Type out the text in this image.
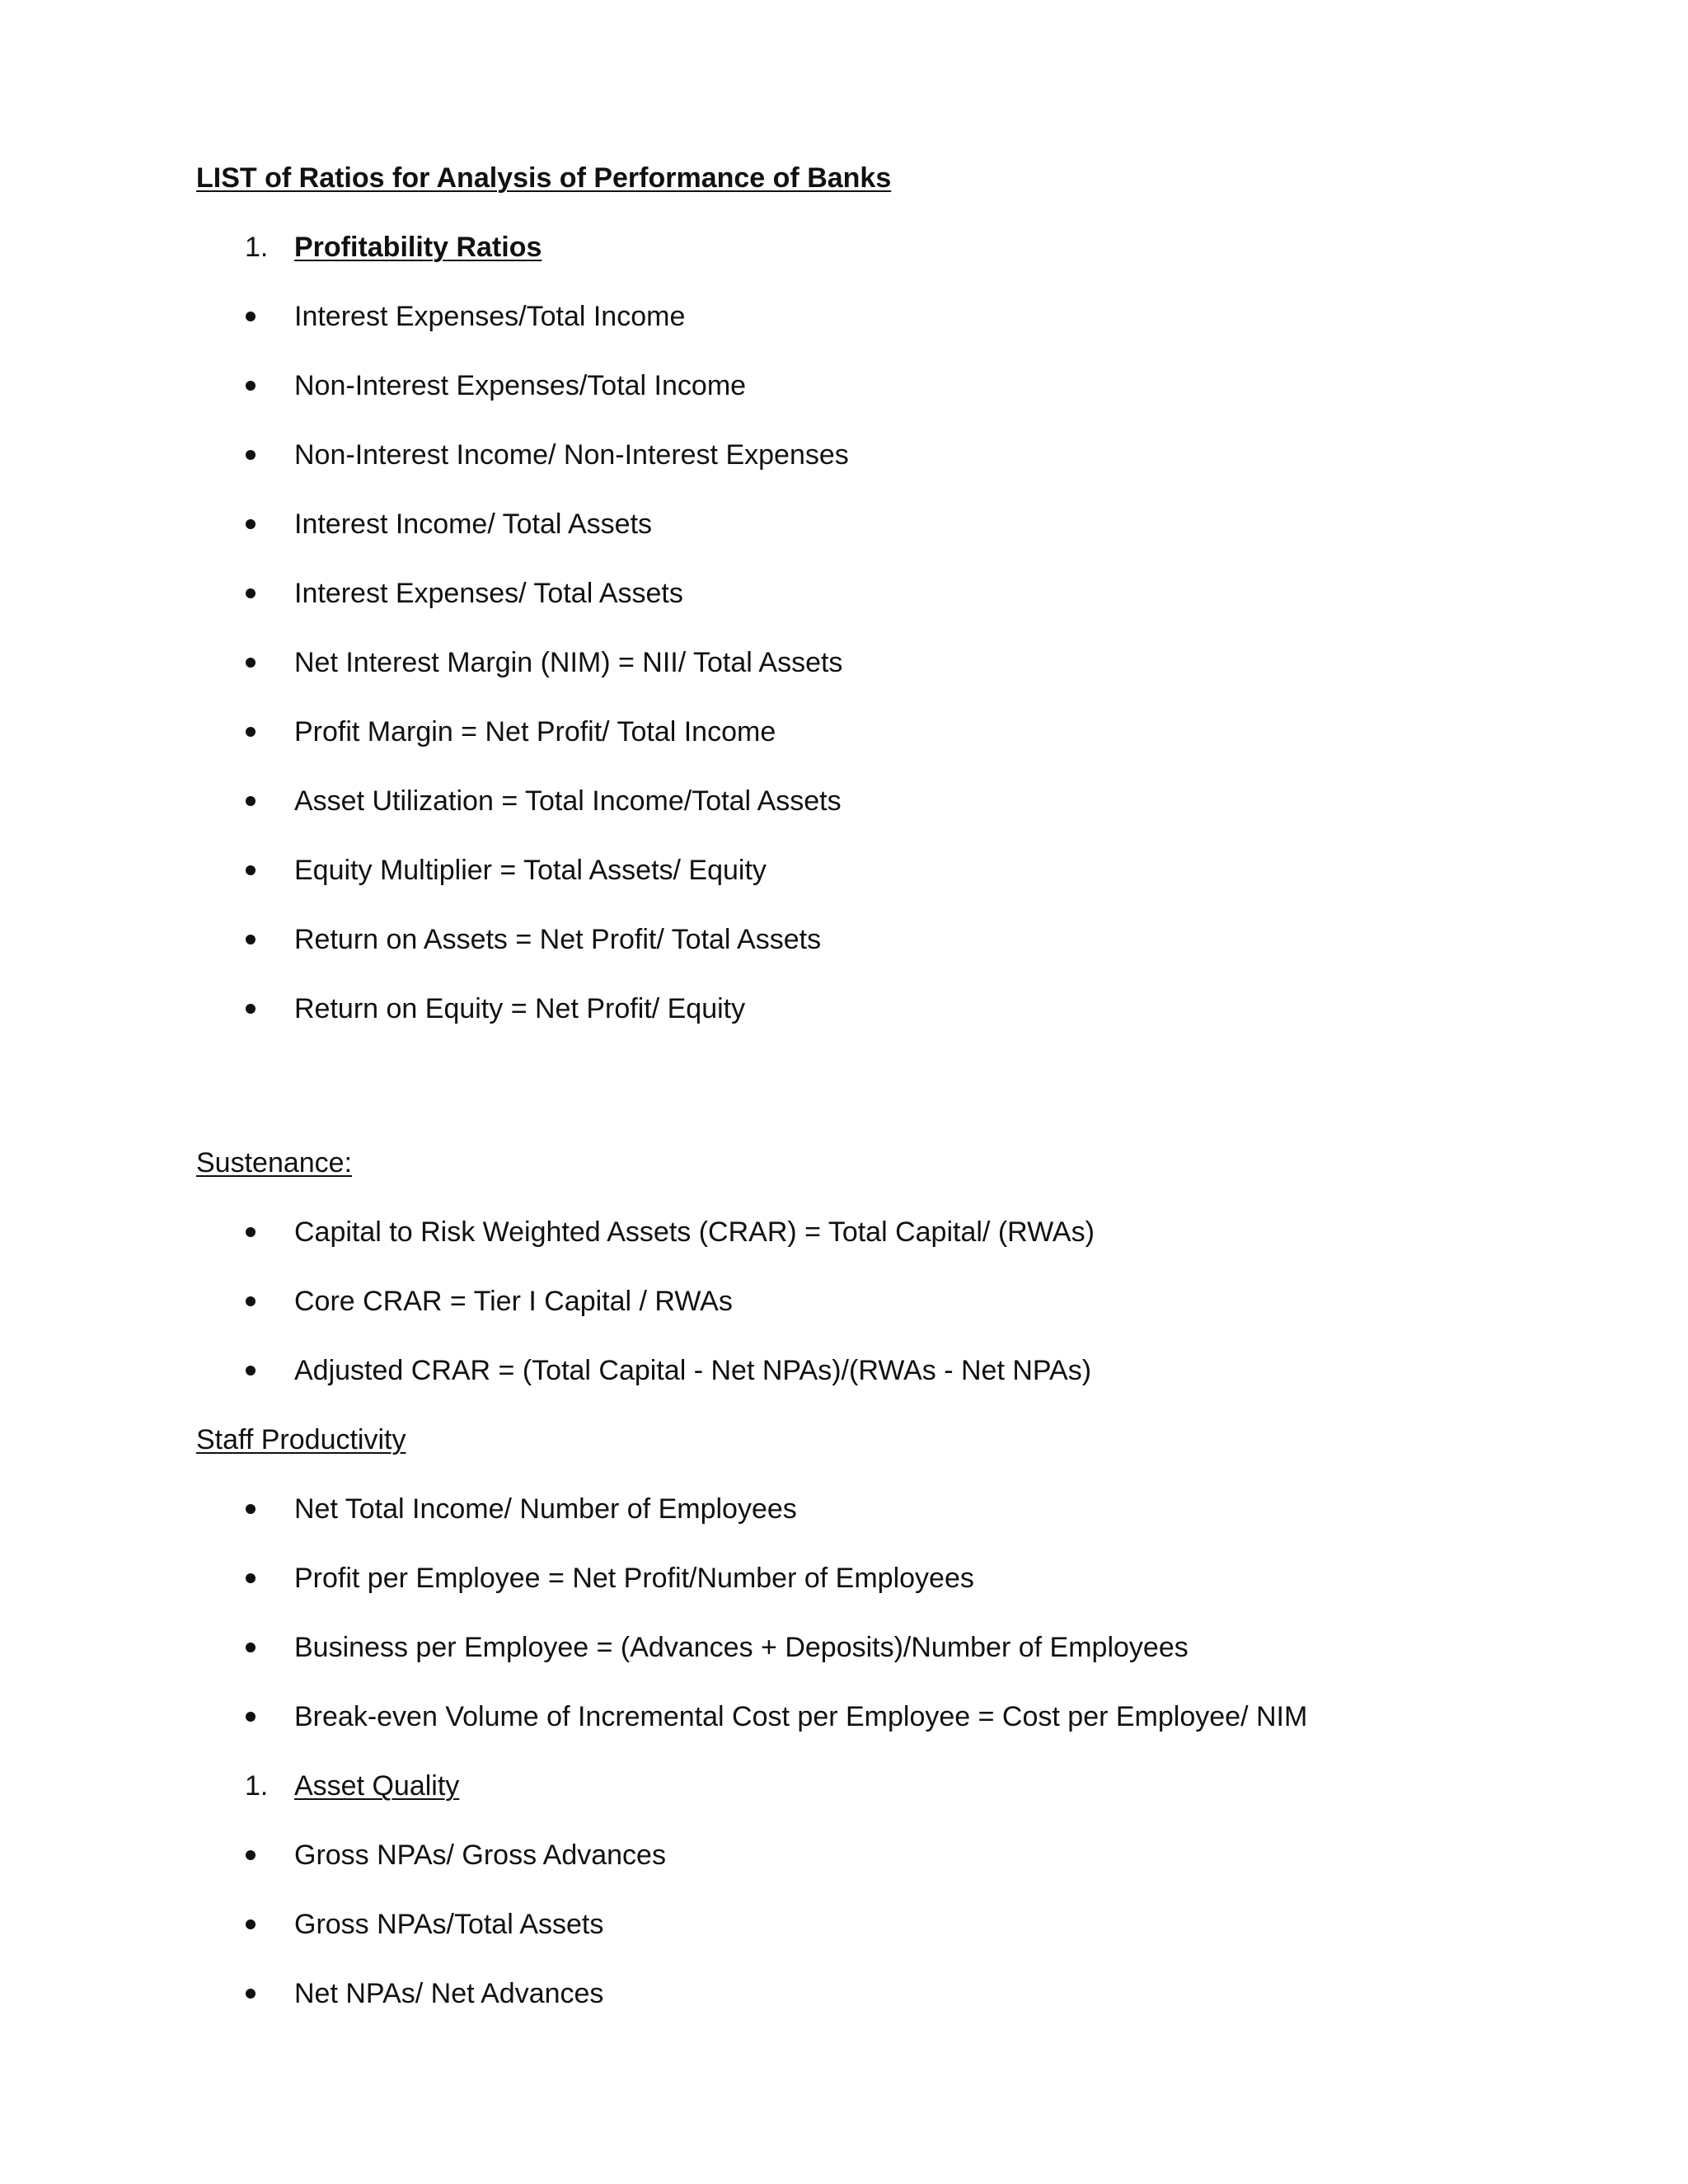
LIST of Ratios for Analysis of Performance of Banks
1. Profitability Ratios
Interest Expenses/Total Income
Non-Interest Expenses/Total Income
Non-Interest Income/ Non-Interest Expenses
Interest Income/ Total Assets
Interest Expenses/ Total Assets
Net Interest Margin (NIM) = NII/ Total Assets
Profit Margin = Net Profit/ Total Income
Asset Utilization = Total Income/Total Assets
Equity Multiplier = Total Assets/ Equity
Return on Assets = Net Profit/ Total Assets
Return on Equity = Net Profit/ Equity
Sustenance:
Capital to Risk Weighted Assets (CRAR) = Total Capital/ (RWAs)
Core CRAR = Tier I Capital / RWAs
Adjusted CRAR = (Total Capital - Net NPAs)/(RWAs - Net NPAs)
Staff Productivity
Net Total Income/ Number of Employees
Profit per Employee = Net Profit/Number of Employees
Business per Employee = (Advances + Deposits)/Number of Employees
Break-even Volume of Incremental Cost per Employee = Cost per Employee/ NIM
1. Asset Quality
Gross NPAs/ Gross Advances
Gross NPAs/Total Assets
Net NPAs/ Net Advances
